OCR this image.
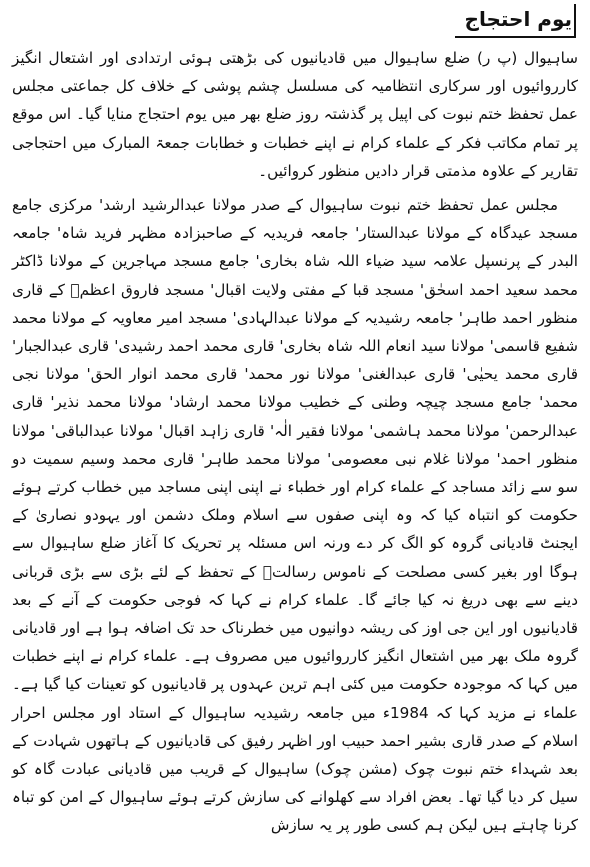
یوم احتجاج

ساہیوال (پ ر) ضلع ساہیوال میں قادیانیوں کی بڑھتی ہوئی ارتدادی اور اشتعال انگیز کارروائیوں اور سرکاری انتظامیہ کی مسلسل چشم پوشی کے خلاف کل جماعتی مجلس عمل تحفظ ختم نبوت کی اپیل پر گذشتہ روز ضلع بھر میں یوم احتجاج منایا گیا۔ اس موقع پر تمام مکاتب فکر کے علماء کرام نے اپنے خطبات و خطابات جمعۃ المبارک میں احتجاجی تقاریر کے علاوہ مذمتی قرار دادیں منظور کروائیں۔

مجلس عمل تحفظ ختم نبوت ساہیوال کے صدر مولانا عبدالرشید ارشد' مرکزی جامع مسجد عیدگاہ کے مولانا عبدالستار' جامعہ فریدیہ کے صاحبزادہ مظہر فرید شاہ' جامعہ البدر کے پرنسپل علامہ سید ضیاء اللہ شاہ بخاری' جامع مسجد مہاجرین کے مولانا ڈاکٹر محمد سعید احمد اسحٰق' مسجد قبا کے مفتی ولایت اقبال' مسجد فاروق اعظمؓ کے قاری منظور احمد طاہر' جامعہ رشیدیہ کے مولانا عبدالہادی' مسجد امیر معاویہ کے مولانا محمد شفیع قاسمی' مولانا سید انعام اللہ شاہ بخاری' قاری محمد احمد رشیدی' قاری عبدالجبار' قاری محمد یحیٰی' قاری عبدالغنی' مولانا نور محمد' قاری محمد انوار الحق' مولانا نجی محمد' جامع مسجد چیچہ وطنی کے خطیب مولانا محمد ارشاد' مولانا محمد نذیر' قاری عبدالرحمن' مولانا محمد ہاشمی' مولانا فقیر الٰہ' قاری زاہد اقبال' مولانا عبدالباقی' مولانا منظور احمد' مولانا غلام نبی معصومی' مولانا محمد طاہر' قاری محمد وسیم سمیت دو سو سے زائد مساجد کے علماء کرام اور خطباء نے اپنی اپنی مساجد میں خطاب کرتے ہوئے حکومت کو انتباہ کیا کہ وہ اپنی صفوں سے اسلام وملک دشمن اور یہودو نصاریٰ کے ایجنٹ قادیانی گروہ کو الگ کر دے ورنہ اس مسئلہ پر تحریک کا آغاز ضلع ساہیوال سے ہوگا اور بغیر کسی مصلحت کے ناموس رسالتؐ کے تحفظ کے لئے بڑی سے بڑی قربانی دینے سے بھی دریغ نہ کیا جائے گا۔ علماء کرام نے کہا کہ فوجی حکومت کے آنے کے بعد قادیانیوں اور این جی اوز کی ریشہ دوانیوں میں خطرناک حد تک اضافہ ہوا ہے اور قادیانی گروہ ملک بھر میں اشتعال انگیز کارروائیوں میں مصروف ہے۔ علماء کرام نے اپنے خطبات میں کہا کہ موجودہ حکومت میں کئی اہم ترین عہدوں پر قادیانیوں کو تعینات کیا گیا ہے۔ علماء نے مزید کہا کہ 1984ء میں جامعہ رشیدیہ ساہیوال کے استاد اور مجلس احرار اسلام کے صدر قاری بشیر احمد حبیب اور اظہر رفیق کی قادیانیوں کے ہاتھوں شہادت کے بعد شہداء ختم نبوت چوک (مشن چوک) ساہیوال کے قریب میں قادیانی عبادت گاہ کو سیل کر دیا گیا تھا۔ بعض افراد سے کھلوانے کی سازش کرتے ہوئے ساہیوال کے امن کو تباہ کرنا چاہتے ہیں لیکن ہم کسی طور پر یہ سازش
